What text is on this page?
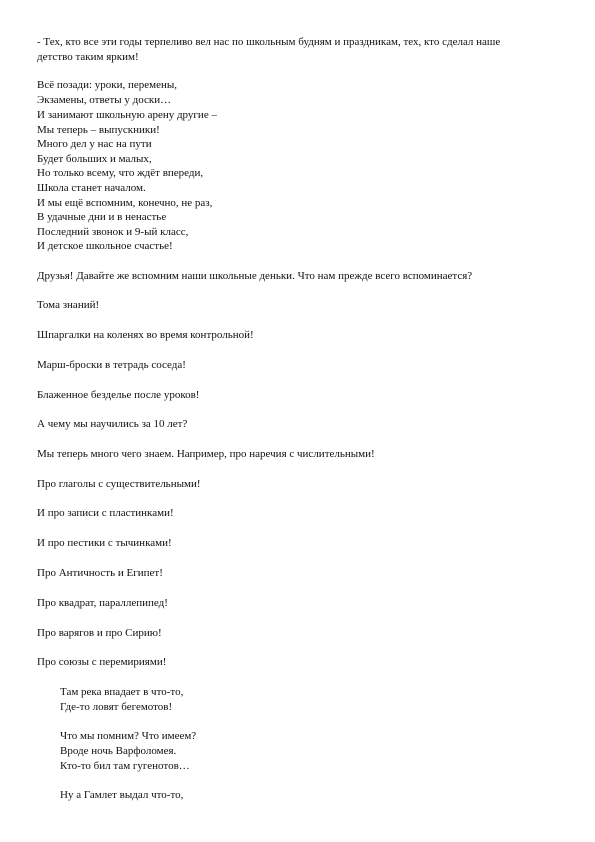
- Тех, кто все эти годы терпеливо вел нас по школьным будням и праздникам, тех, кто сделал наше
детство таким ярким!
Всё позади: уроки, перемены,
Экзамены, ответы у доски…
И занимают школьную арену другие –
Мы теперь – выпускники!
Много дел у нас на пути
Будет больших и малых,
Но только всему, что ждёт впереди,
Школа станет началом.
И мы ещё вспомним, конечно, не раз,
В удачные дни и в ненастье
Последний звонок и 9-ый класс,
И детское школьное счастье!
Друзья! Давайте же вспомним наши школьные деньки. Что нам прежде всего вспоминается?
Тома знаний!
Шпаргалки на коленях во время контрольной!
Марш-броски в тетрадь соседа!
Блаженное безделье после уроков!
А чему мы научились за 10 лет?
Мы теперь много чего знаем. Например, про наречия с числительными!
Про глаголы с существительными!
И про записи с пластинками!
И про пестики с тычинками!
Про Античность и Египет!
Про квадрат, параллепипед!
Про варягов и про Сирию!
Про союзы с перемириями!
Там река впадает в что-то,
Где-то ловят бегемотов!
Что мы помним? Что имеем?
Вроде ночь Варфоломея.
Кто-то бил там гугенотов…
Ну а Гамлет выдал что-то,
